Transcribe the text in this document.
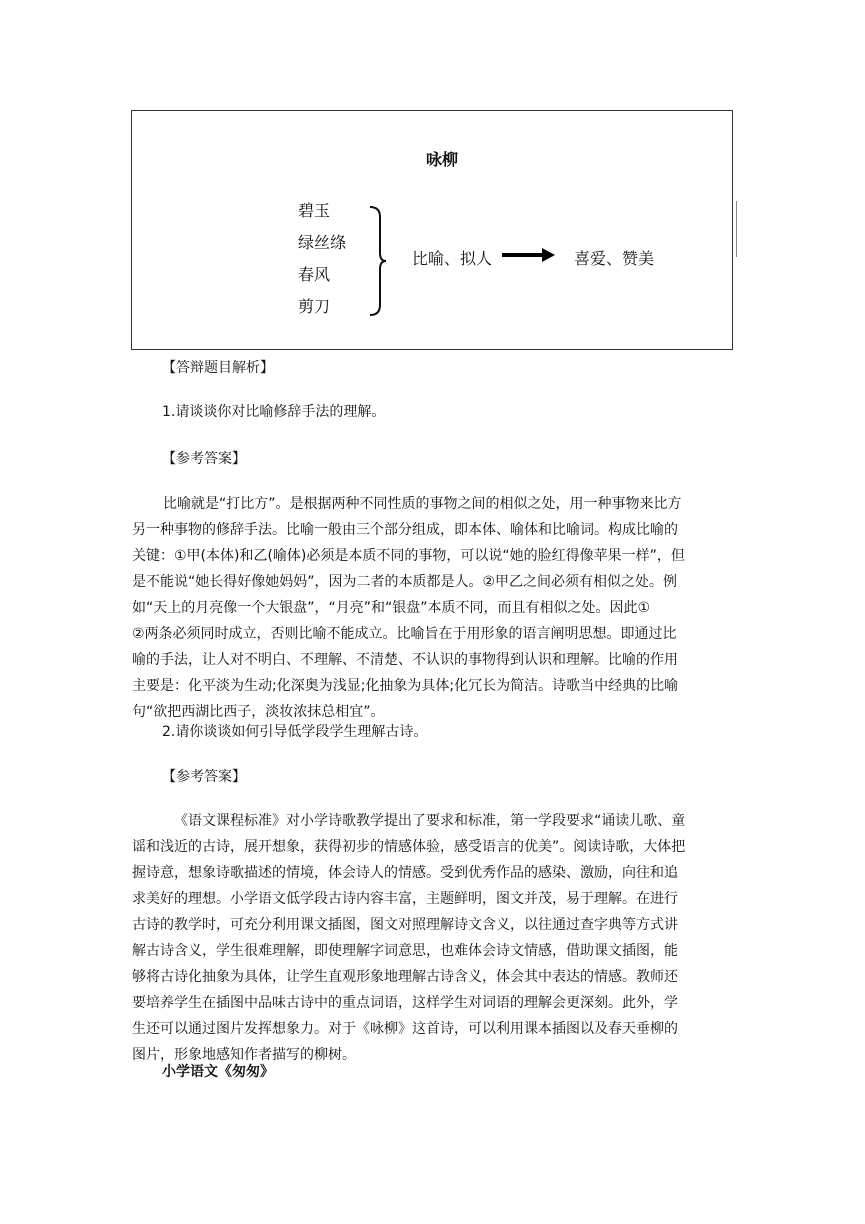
咏柳
碧玉
绿丝绦
春风
剪刀
比喻、拟人	喜爱、赞美
【答辩题目解析】
1.请谈谈你对比喻修辞手法的理解。
【参考答案】
比喻就是“打比方”。是根据两种不同性质的事物之间的相似之处，用一种事物来比方
另一种事物的修辞手法。比喻一般由三个部分组成，即本体、喻体和比喻词。构成比喻的
关键：①甲(本体)和乙(喻体)必须是本质不同的事物，可以说“她的脸红得像苹果一样”，但
是不能说“她长得好像她妈妈”，因为二者的本质都是人。②甲乙之间必须有相似之处。例
如“天上的月亮像一个大银盘”，“月亮”和“银盘”本质不同，而且有相似之处。因此①
②两条必须同时成立，否则比喻不能成立。比喻旨在于用形象的语言阐明思想。即通过比
喻的手法，让人对不明白、不理解、不清楚、不认识的事物得到认识和理解。比喻的作用
主要是：化平淡为生动;化深奥为浅显;化抽象为具体;化冗长为简洁。诗歌当中经典的比喻
句“欲把西湖比西子，淡妆浓抹总相宜”。
2.请你谈谈如何引导低学段学生理解古诗。
【参考答案】
《语文课程标准》对小学诗歌教学提出了要求和标准，第一学段要求“诵读儿歌、童
谣和浅近的古诗，展开想象，获得初步的情感体验，感受语言的优美”。阅读诗歌，大体把
握诗意，想象诗歌描述的情境，体会诗人的情感。受到优秀作品的感染、激励，向往和追
求美好的理想。小学语文低学段古诗内容丰富，主题鲜明，图文并茂，易于理解。在进行
古诗的教学时，可充分利用课文插图，图文对照理解诗文含义，以往通过查字典等方式讲
解古诗含义，学生很难理解，即使理解字词意思，也难体会诗文情感，借助课文插图，能
够将古诗化抽象为具体，让学生直观形象地理解古诗含义，体会其中表达的情感。教师还
要培养学生在插图中品味古诗中的重点词语，这样学生对词语的理解会更深刻。此外，学
生还可以通过图片发挥想象力。对于《咏柳》这首诗，可以利用课本插图以及春天垂柳的
图片，形象地感知作者描写的柳树。
小学语文《匆匆》
